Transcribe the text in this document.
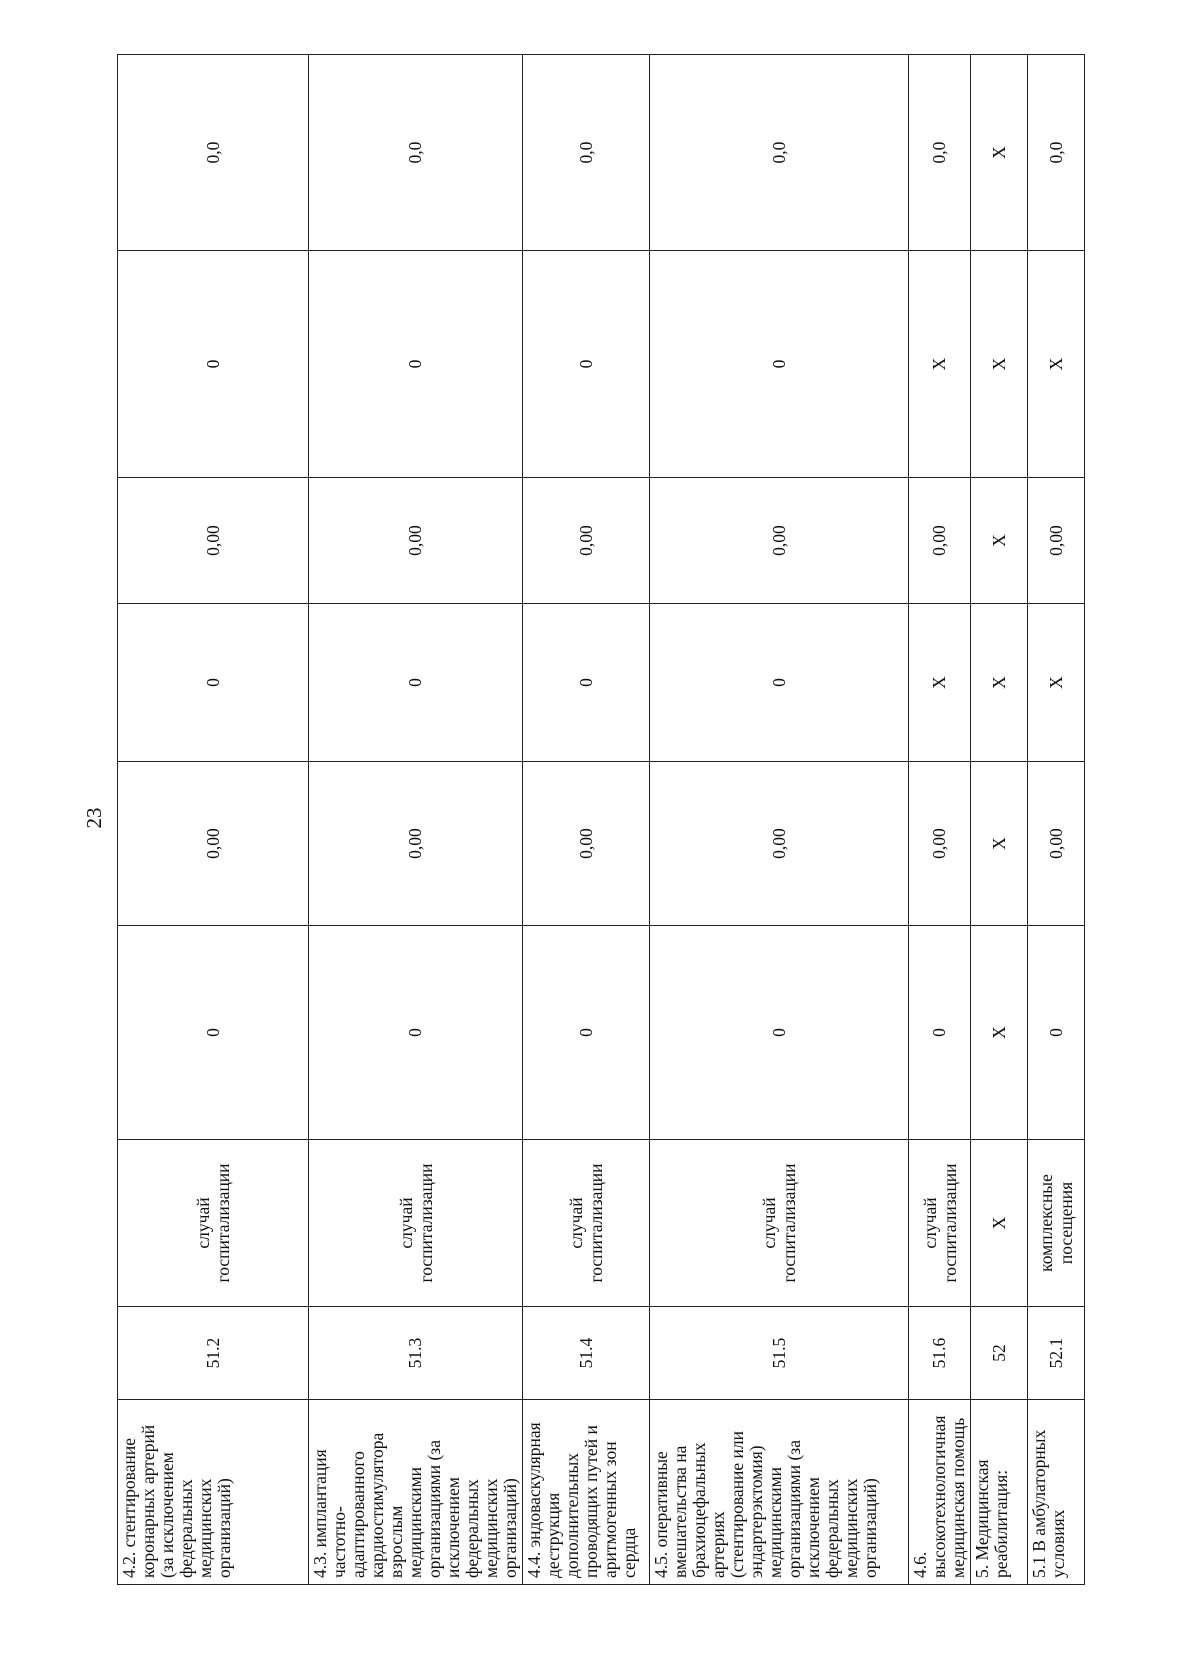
23
4.2. стентирование коронарных артерий (за исключением федеральных медицинских организаций)	51.2	случай госпитализации	0	0,00	0	0,00	0	0,0	
4.3. имплантация частотно-адаптированного кардиостимулятора взрослым медицинскими организациями (за исключением федеральных медицинских организаций)	51.3	случай госпитализации	0	0,00	0	0,00	0	0,0	
4.4. эндоваскулярная деструкция дополнительных проводящих путей и аритмогенных зон сердца	51.4	случай госпитализации	0	0,00	0	0,00	0	0,0	
4.5. оперативные вмешательства на брахиоцефальных артериях (стентирование или эндартерэктомия) медицинскими организациями (за исключением федеральных медицинских организаций)	51.5	случай госпитализации	0	0,00	0	0,00	0	0,0	
4.6. высокотехнологичная медицинская помощь	51.6	случай госпитализации	0	0,00	Х	0,00	Х	0,0	
5. Медицинская реабилитация:	52	Х	Х	Х	Х	Х	Х	Х	
5.1 В амбулаторных условиях	52.1	комплексные посещения	0	0,00	Х	0,00	Х	0,0	
